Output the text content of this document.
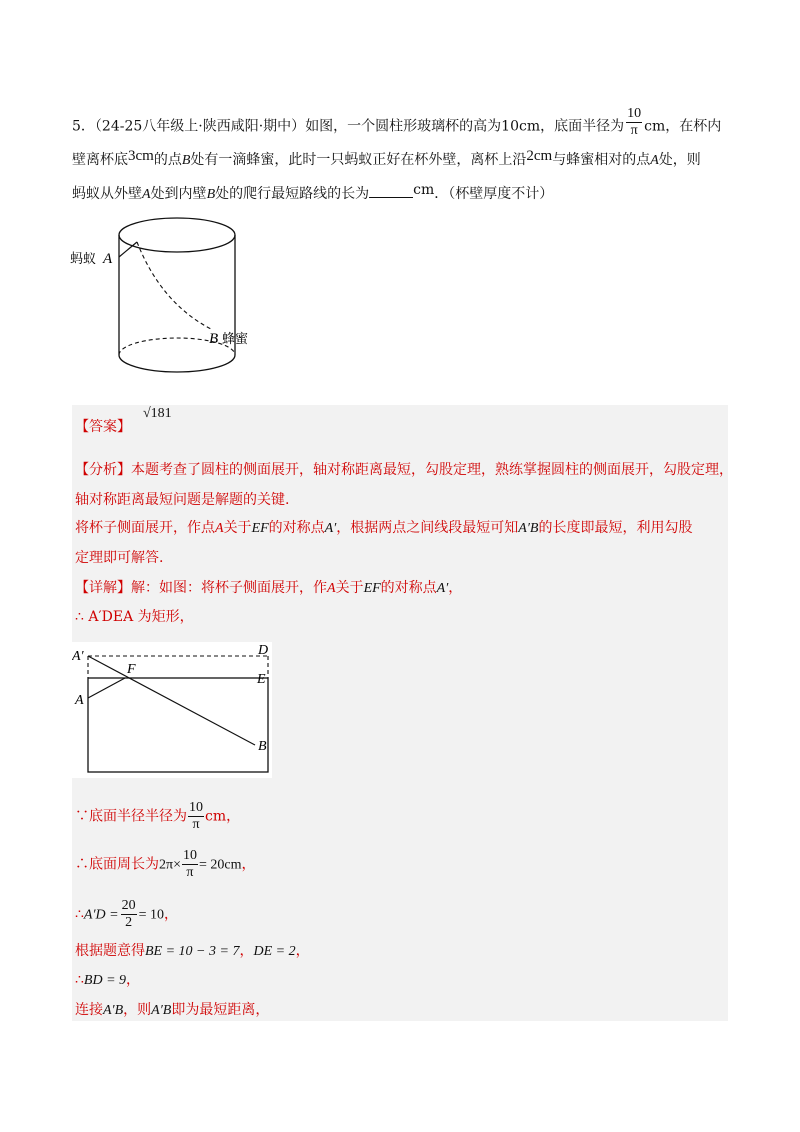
5．（24-25八年级上·陕西咸阳·期中）如图，一个圆柱形玻璃杯的高为10cm，底面半径为 $\frac{10}{\pi}$ cm，在杯内
壁离杯底3cm的点B处有一滴蜂蜜，此时一只蚂蚁正好在杯外壁，离杯上沿2cm与蜂蜜相对的点A处，则
蚂蚁从外壁A处到内壁B处的爬行最短路线的长为	cm．（杯壁厚度不计）
蚂蚁 A
B 蜂蜜
【答案】
√181
【分析】本题考查了圆柱的侧面展开，轴对称距离最短，勾股定理，熟练掌握圆柱的侧面展开，勾股定理，
轴对称距离最短问题是解题的关键.
将杯子侧面展开，作点A关于EF的对称点A′，根据两点之间线段最短可知A′B的长度即最短，利用勾股
定理即可解答.
【详解】解：如图：将杯子侧面展开，作A关于EF的对称点A′，
∴ A′DEA 为矩形，
A′	D
F
E
A
B
∵底面半径半径为 $\frac{10}{\pi}$ cm，
∴底面周长为$2\pi\times \frac{10}{\pi} = 20cm$，
∴A′D = $\frac{20}{2} = 10$，
根据题意得BE = 10 − 3 = 7，DE = 2，
∴BD = 9，
连接A′B，则A′B即为最短距离，
